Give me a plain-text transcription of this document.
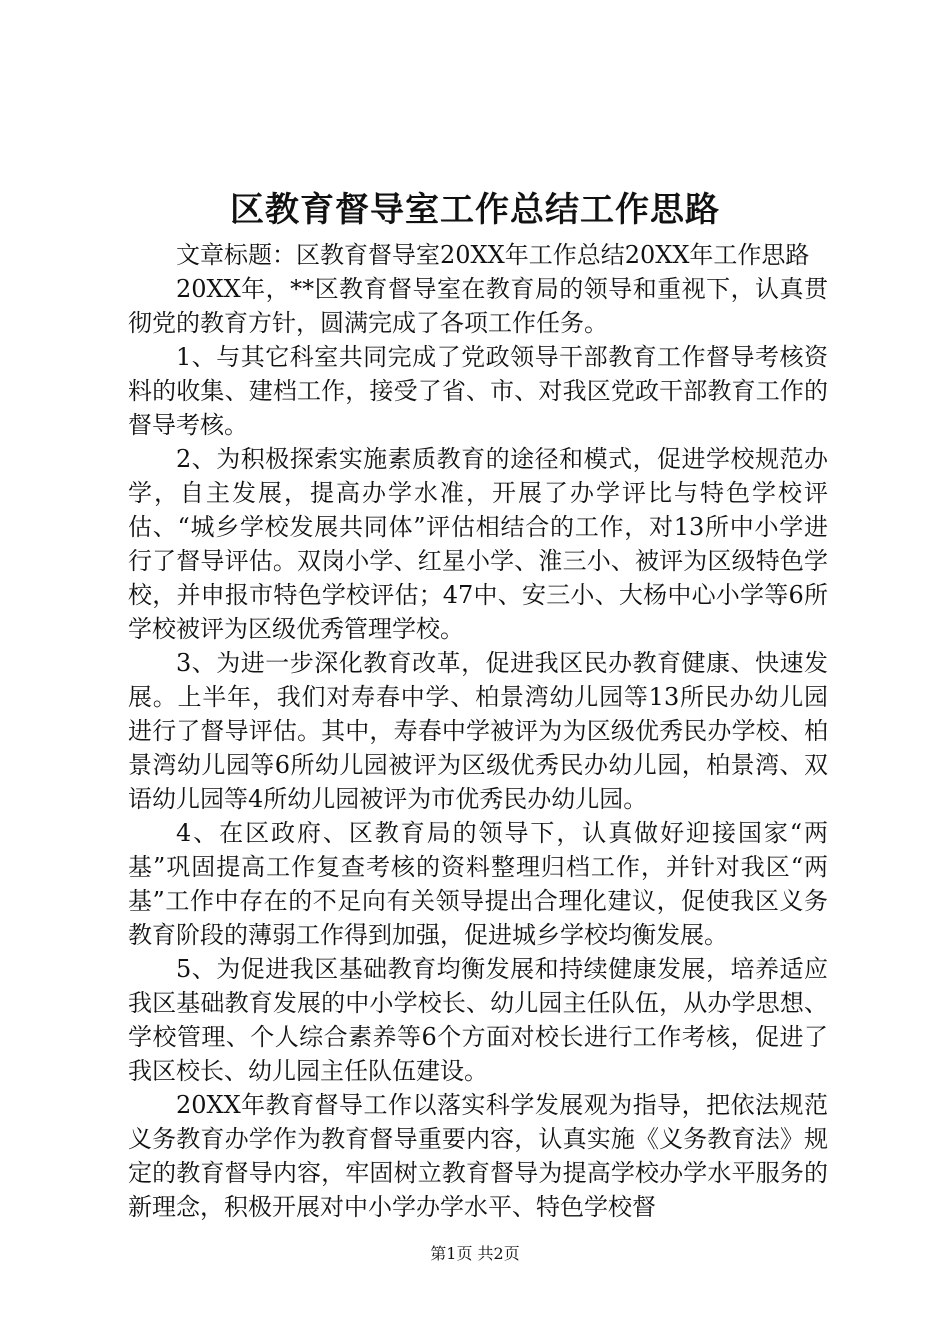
区教育督导室工作总结工作思路

文章标题：区教育督导室20XX年工作总结20XX年工作思路

20XX年，**区教育督导室在教育局的领导和重视下，认真贯彻党的教育方针，圆满完成了各项工作任务。

1、与其它科室共同完成了党政领导干部教育工作督导考核资料的收集、建档工作，接受了省、市、对我区党政干部教育工作的督导考核。

2、为积极探索实施素质教育的途径和模式，促进学校规范办学，自主发展，提高办学水准，开展了办学评比与特色学校评估、“城乡学校发展共同体”评估相结合的工作，对13所中小学进行了督导评估。双岗小学、红星小学、淮三小、被评为区级特色学校，并申报市特色学校评估；47中、安三小、大杨中心小学等6所学校被评为区级优秀管理学校。

3、为进一步深化教育改革，促进我区民办教育健康、快速发展。上半年，我们对寿春中学、柏景湾幼儿园等13所民办幼儿园进行了督导评估。其中，寿春中学被评为为区级优秀民办学校、柏景湾幼儿园等6所幼儿园被评为区级优秀民办幼儿园，柏景湾、双语幼儿园等4所幼儿园被评为市优秀民办幼儿园。

4、在区政府、区教育局的领导下，认真做好迎接国家“两基”巩固提高工作复查考核的资料整理归档工作，并针对我区“两基”工作中存在的不足向有关领导提出合理化建议，促使我区义务教育阶段的薄弱工作得到加强，促进城乡学校均衡发展。

5、为促进我区基础教育均衡发展和持续健康发展，培养适应我区基础教育发展的中小学校长、幼儿园主任队伍，从办学思想、学校管理、个人综合素养等6个方面对校长进行工作考核，促进了我区校长、幼儿园主任队伍建设。

20XX年教育督导工作以落实科学发展观为指导，把依法规范义务教育办学作为教育督导重要内容，认真实施《义务教育法》规定的教育督导内容，牢固树立教育督导为提高学校办学水平服务的新理念，积极开展对中小学办学水平、特色学校督

第1页 共2页
